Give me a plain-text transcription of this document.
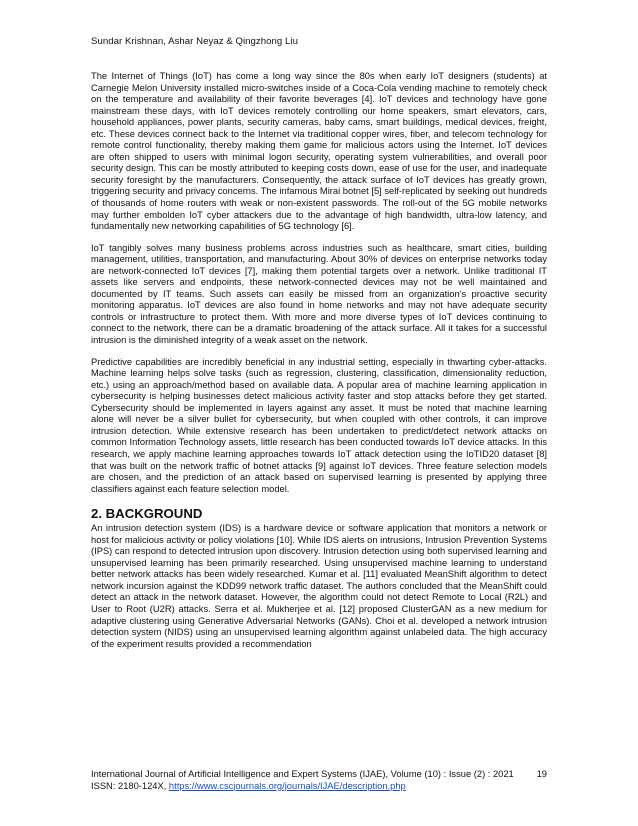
Sundar Krishnan, Ashar Neyaz & Qingzhong Liu

The Internet of Things (IoT) has come a long way since the 80s when early IoT designers (students) at Carnegie Melon University installed micro-switches inside of a Coca-Cola vending machine to remotely check on the temperature and availability of their favorite beverages [4]. IoT devices and technology have gone mainstream these days, with IoT devices remotely controlling our home speakers, smart elevators, cars, household appliances, power plants, security cameras, baby cams, smart buildings, medical devices, freight, etc. These devices connect back to the Internet via traditional copper wires, fiber, and telecom technology for remote control functionality, thereby making them game for malicious actors using the Internet. IoT devices are often shipped to users with minimal logon security, operating system vulnerabilities, and overall poor security design. This can be mostly attributed to keeping costs down, ease of use for the user, and inadequate security foresight by the manufacturers. Consequently, the attack surface of IoT devices has greatly grown, triggering security and privacy concerns. The infamous Mirai botnet [5] self-replicated by seeking out hundreds of thousands of home routers with weak or non-existent passwords. The roll-out of the 5G mobile networks may further embolden IoT cyber attackers due to the advantage of high bandwidth, ultra-low latency, and fundamentally new networking capabilities of 5G technology [6].

IoT tangibly solves many business problems across industries such as healthcare, smart cities, building management, utilities, transportation, and manufacturing. About 30% of devices on enterprise networks today are network-connected IoT devices [7], making them potential targets over a network. Unlike traditional IT assets like servers and endpoints, these network-connected devices may not be well maintained and documented by IT teams. Such assets can easily be missed from an organization’s proactive security monitoring apparatus. IoT devices are also found in home networks and may not have adequate security controls or infrastructure to protect them. With more and more diverse types of IoT devices continuing to connect to the network, there can be a dramatic broadening of the attack surface. All it takes for a successful intrusion is the diminished integrity of a weak asset on the network.

Predictive capabilities are incredibly beneficial in any industrial setting, especially in thwarting cyber-attacks. Machine learning helps solve tasks (such as regression, clustering, classification, dimensionality reduction, etc.) using an approach/method based on available data. A popular area of machine learning application in cybersecurity is helping businesses detect malicious activity faster and stop attacks before they get started. Cybersecurity should be implemented in layers against any asset. It must be noted that machine learning alone will never be a silver bullet for cybersecurity, but when coupled with other controls, it can improve intrusion detection. While extensive research has been undertaken to predict/detect network attacks on common Information Technology assets, little research has been conducted towards IoT device attacks. In this research, we apply machine learning approaches towards IoT attack detection using the IoTID20 dataset [8] that was built on the network traffic of botnet attacks [9] against IoT devices. Three feature selection models are chosen, and the prediction of an attack based on supervised learning is presented by applying three classifiers against each feature selection model.

2. BACKGROUND

An intrusion detection system (IDS) is a hardware device or software application that monitors a network or host for malicious activity or policy violations [10]. While IDS alerts on intrusions, Intrusion Prevention Systems (IPS) can respond to detected intrusion upon discovery. Intrusion detection using both supervised learning and unsupervised learning has been primarily researched. Using unsupervised machine learning to understand better network attacks has been widely researched. Kumar et al. [11] evaluated MeanShift algorithm to detect network incursion against the KDD99 network traffic dataset. The authors concluded that the MeanShift could detect an attack in the network dataset. However, the algorithm could not detect Remote to Local (R2L) and User to Root (U2R) attacks. Serra et al. Mukherjee et al. [12] proposed ClusterGAN as a new medium for adaptive clustering using Generative Adversarial Networks (GANs). Choi et al. developed a network intrusion detection system (NIDS) using an unsupervised learning algorithm against unlabeled data. The high accuracy of the experiment results provided a recommendation

International Journal of Artificial Intelligence and Expert Systems (IJAE), Volume (10) : Issue (2) : 2021 19
ISSN: 2180-124X, https://www.cscjournals.org/journals/IJAE/description.php
